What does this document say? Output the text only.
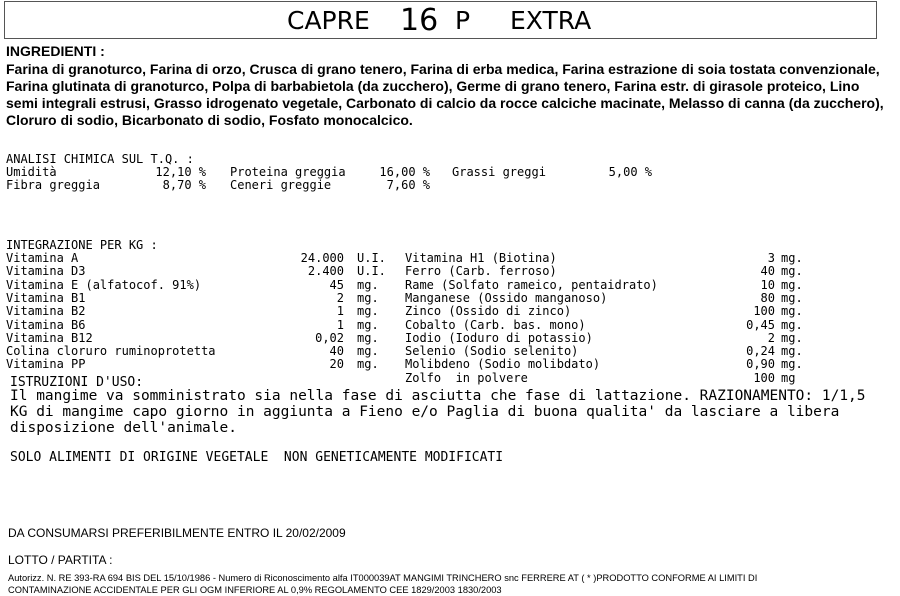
CAPRE 16 P EXTRA
INGREDIENTI :
Farina di granoturco, Farina di orzo, Crusca di grano tenero, Farina di erba medica, Farina estrazione di soia tostata convenzionale, Farina glutinata di granoturco, Polpa di barbabietola (da zucchero), Germe di grano tenero, Farina estr. di girasole proteico, Lino semi integrali estrusi, Grasso idrogenato vegetale, Carbonato di calcio da rocce calciche macinate, Melasso di canna (da zucchero), Cloruro di sodio, Bicarbonato di sodio, Fosfato monocalcico.
ANALISI CHIMICA SUL T.Q. :
Umidità	12,10 % Proteina greggia	16,00 % Grassi greggi	5,00 %
Fibra greggia	8,70 % Ceneri greggie	7,60 %
INTEGRAZIONE PER KG :
Vitamina A	24.000 U.I.
Vitamina D3	2.400 U.I.
Vitamina E (alfatocof. 91%)	45 mg.
Vitamina B1	2 mg.
Vitamina B2	1 mg.
Vitamina B6	1 mg.
Vitamina B12	0,02 mg.
Colina cloruro ruminoprotetta	40 mg.
Vitamina PP	20 mg.
Vitamina H1 (Biotina)	3 mg.
Ferro (Carb. ferroso)	40 mg.
Rame (Solfato rameico, pentaidrato)	10 mg.
Manganese (Ossido manganoso)	80 mg.
Zinco (Ossido di zinco)	100 mg.
Cobalto (Carb. bas. mono)	0,45 mg.
Iodio (Ioduro di potassio)	2 mg.
Selenio (Sodio selenito)	0,24 mg.
Molibdeno (Sodio molibdato)	0,90 mg.
Zolfo  in polvere	100 mg
ISTRUZIONI D'USO:
Il mangime va somministrato sia nella fase di asciutta che fase di lattazione. RAZIONAMENTO: 1/1,5
KG di mangime capo giorno in aggiunta a Fieno e/o Paglia di buona qualita' da lasciare a libera
disposizione dell'animale.
SOLO ALIMENTI DI ORIGINE VEGETALE  NON GENETICAMENTE MODIFICATI
DA CONSUMARSI PREFERIBILMENTE ENTRO IL 20/02/2009
LOTTO / PARTITA :
Autorizz. N. RE 393-RA 694 BIS DEL 15/10/1986 - Numero di Riconoscimento alfa IT000039AT MANGIMI TRINCHERO snc FERRERE AT ( * )PRODOTTO CONFORME AI LIMITI DI
CONTAMINAZIONE ACCIDENTALE PER GLI OGM INFERIORE AL 0,9% REGOLAMENTO CEE 1829/2003 1830/2003
